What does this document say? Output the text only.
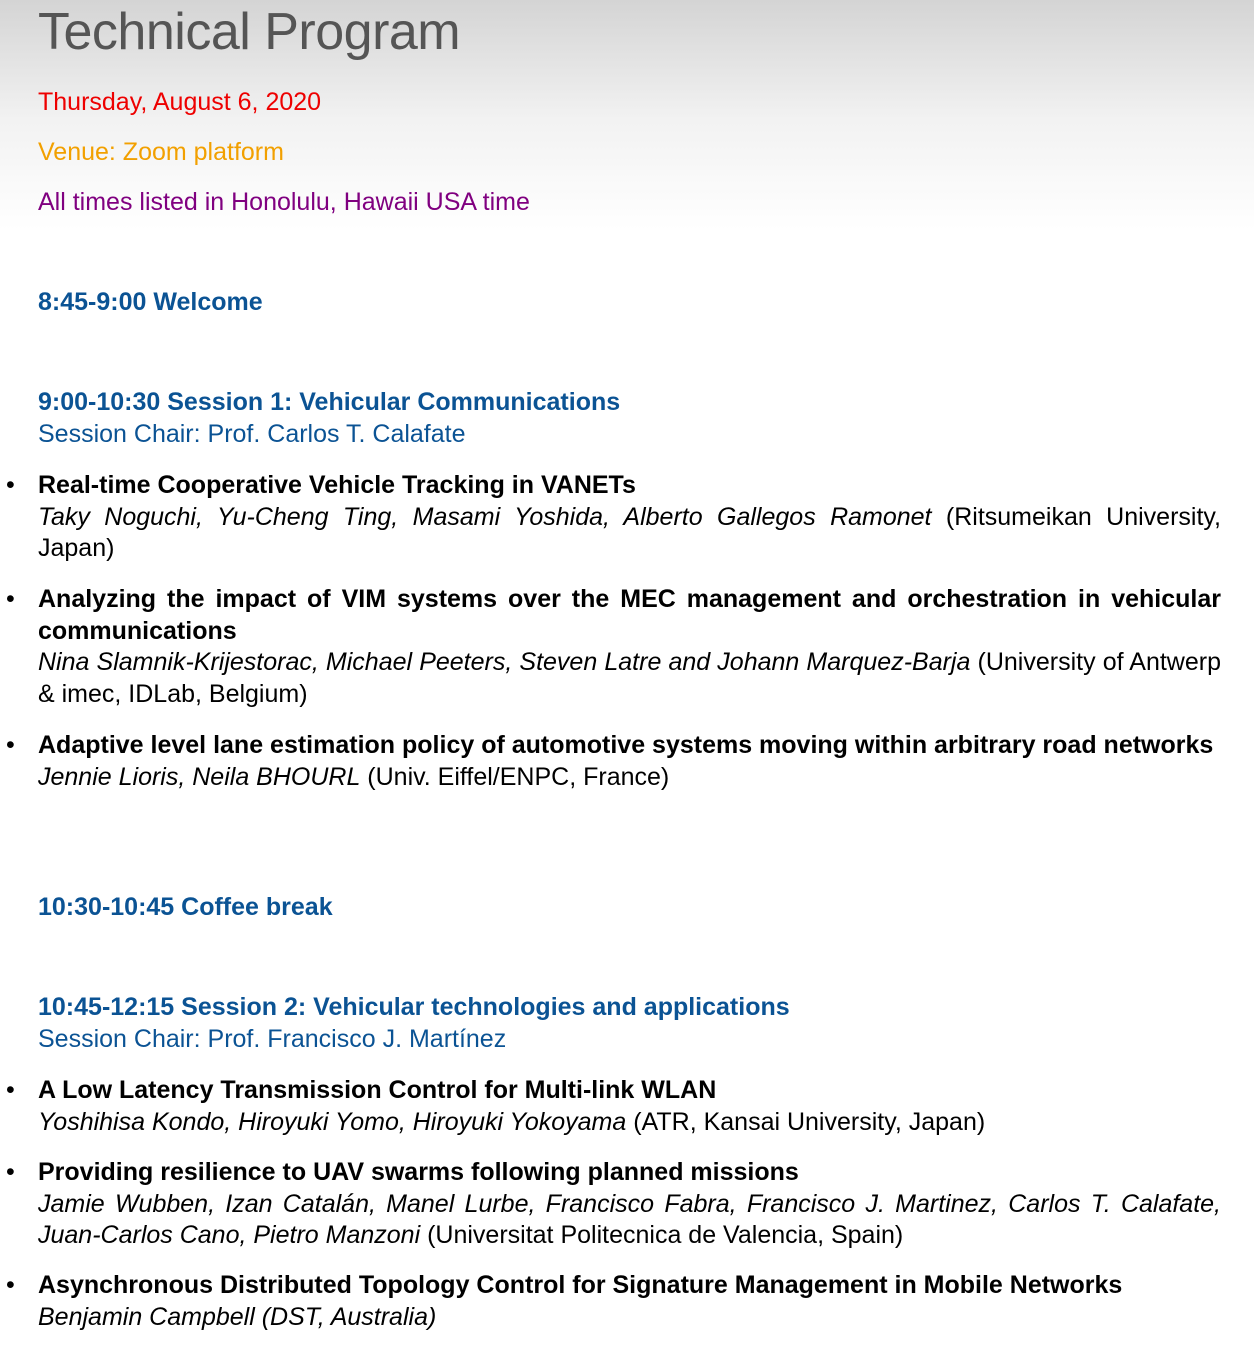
Technical Program

Thursday, August 6, 2020

Venue: Zoom platform

All times listed in Honolulu, Hawaii USA time

8:45-9:00 Welcome

9:00-10:30 Session 1: Vehicular Communications

Session Chair: Prof. Carlos T. Calafate

• Real-time Cooperative Vehicle Tracking in VANETs
Taky Noguchi, Yu-Cheng Ting, Masami Yoshida, Alberto Gallegos Ramonet (Ritsumeikan University, Japan)
• Analyzing the impact of VIM systems over the MEC management and orchestration in vehicular communications
Nina Slamnik-Krijestorac, Michael Peeters, Steven Latre and Johann Marquez-Barja (University of Antwerp & imec, IDLab, Belgium)
• Adaptive level lane estimation policy of automotive systems moving within arbitrary road networks
Jennie Lioris, Neila BHOURL (Univ. Eiffel/ENPC, France)

10:30-10:45 Coffee break

10:45-12:15 Session 2: Vehicular technologies and applications

Session Chair: Prof. Francisco J. Martínez

• A Low Latency Transmission Control for Multi-link WLAN
Yoshihisa Kondo, Hiroyuki Yomo, Hiroyuki Yokoyama (ATR, Kansai University, Japan)
• Providing resilience to UAV swarms following planned missions
Jamie Wubben, Izan Catalán, Manel Lurbe, Francisco Fabra, Francisco J. Martinez, Carlos T. Calafate, Juan-Carlos Cano, Pietro Manzoni (Universitat Politecnica de Valencia, Spain)
• Asynchronous Distributed Topology Control for Signature Management in Mobile Networks
Benjamin Campbell (DST, Australia)
